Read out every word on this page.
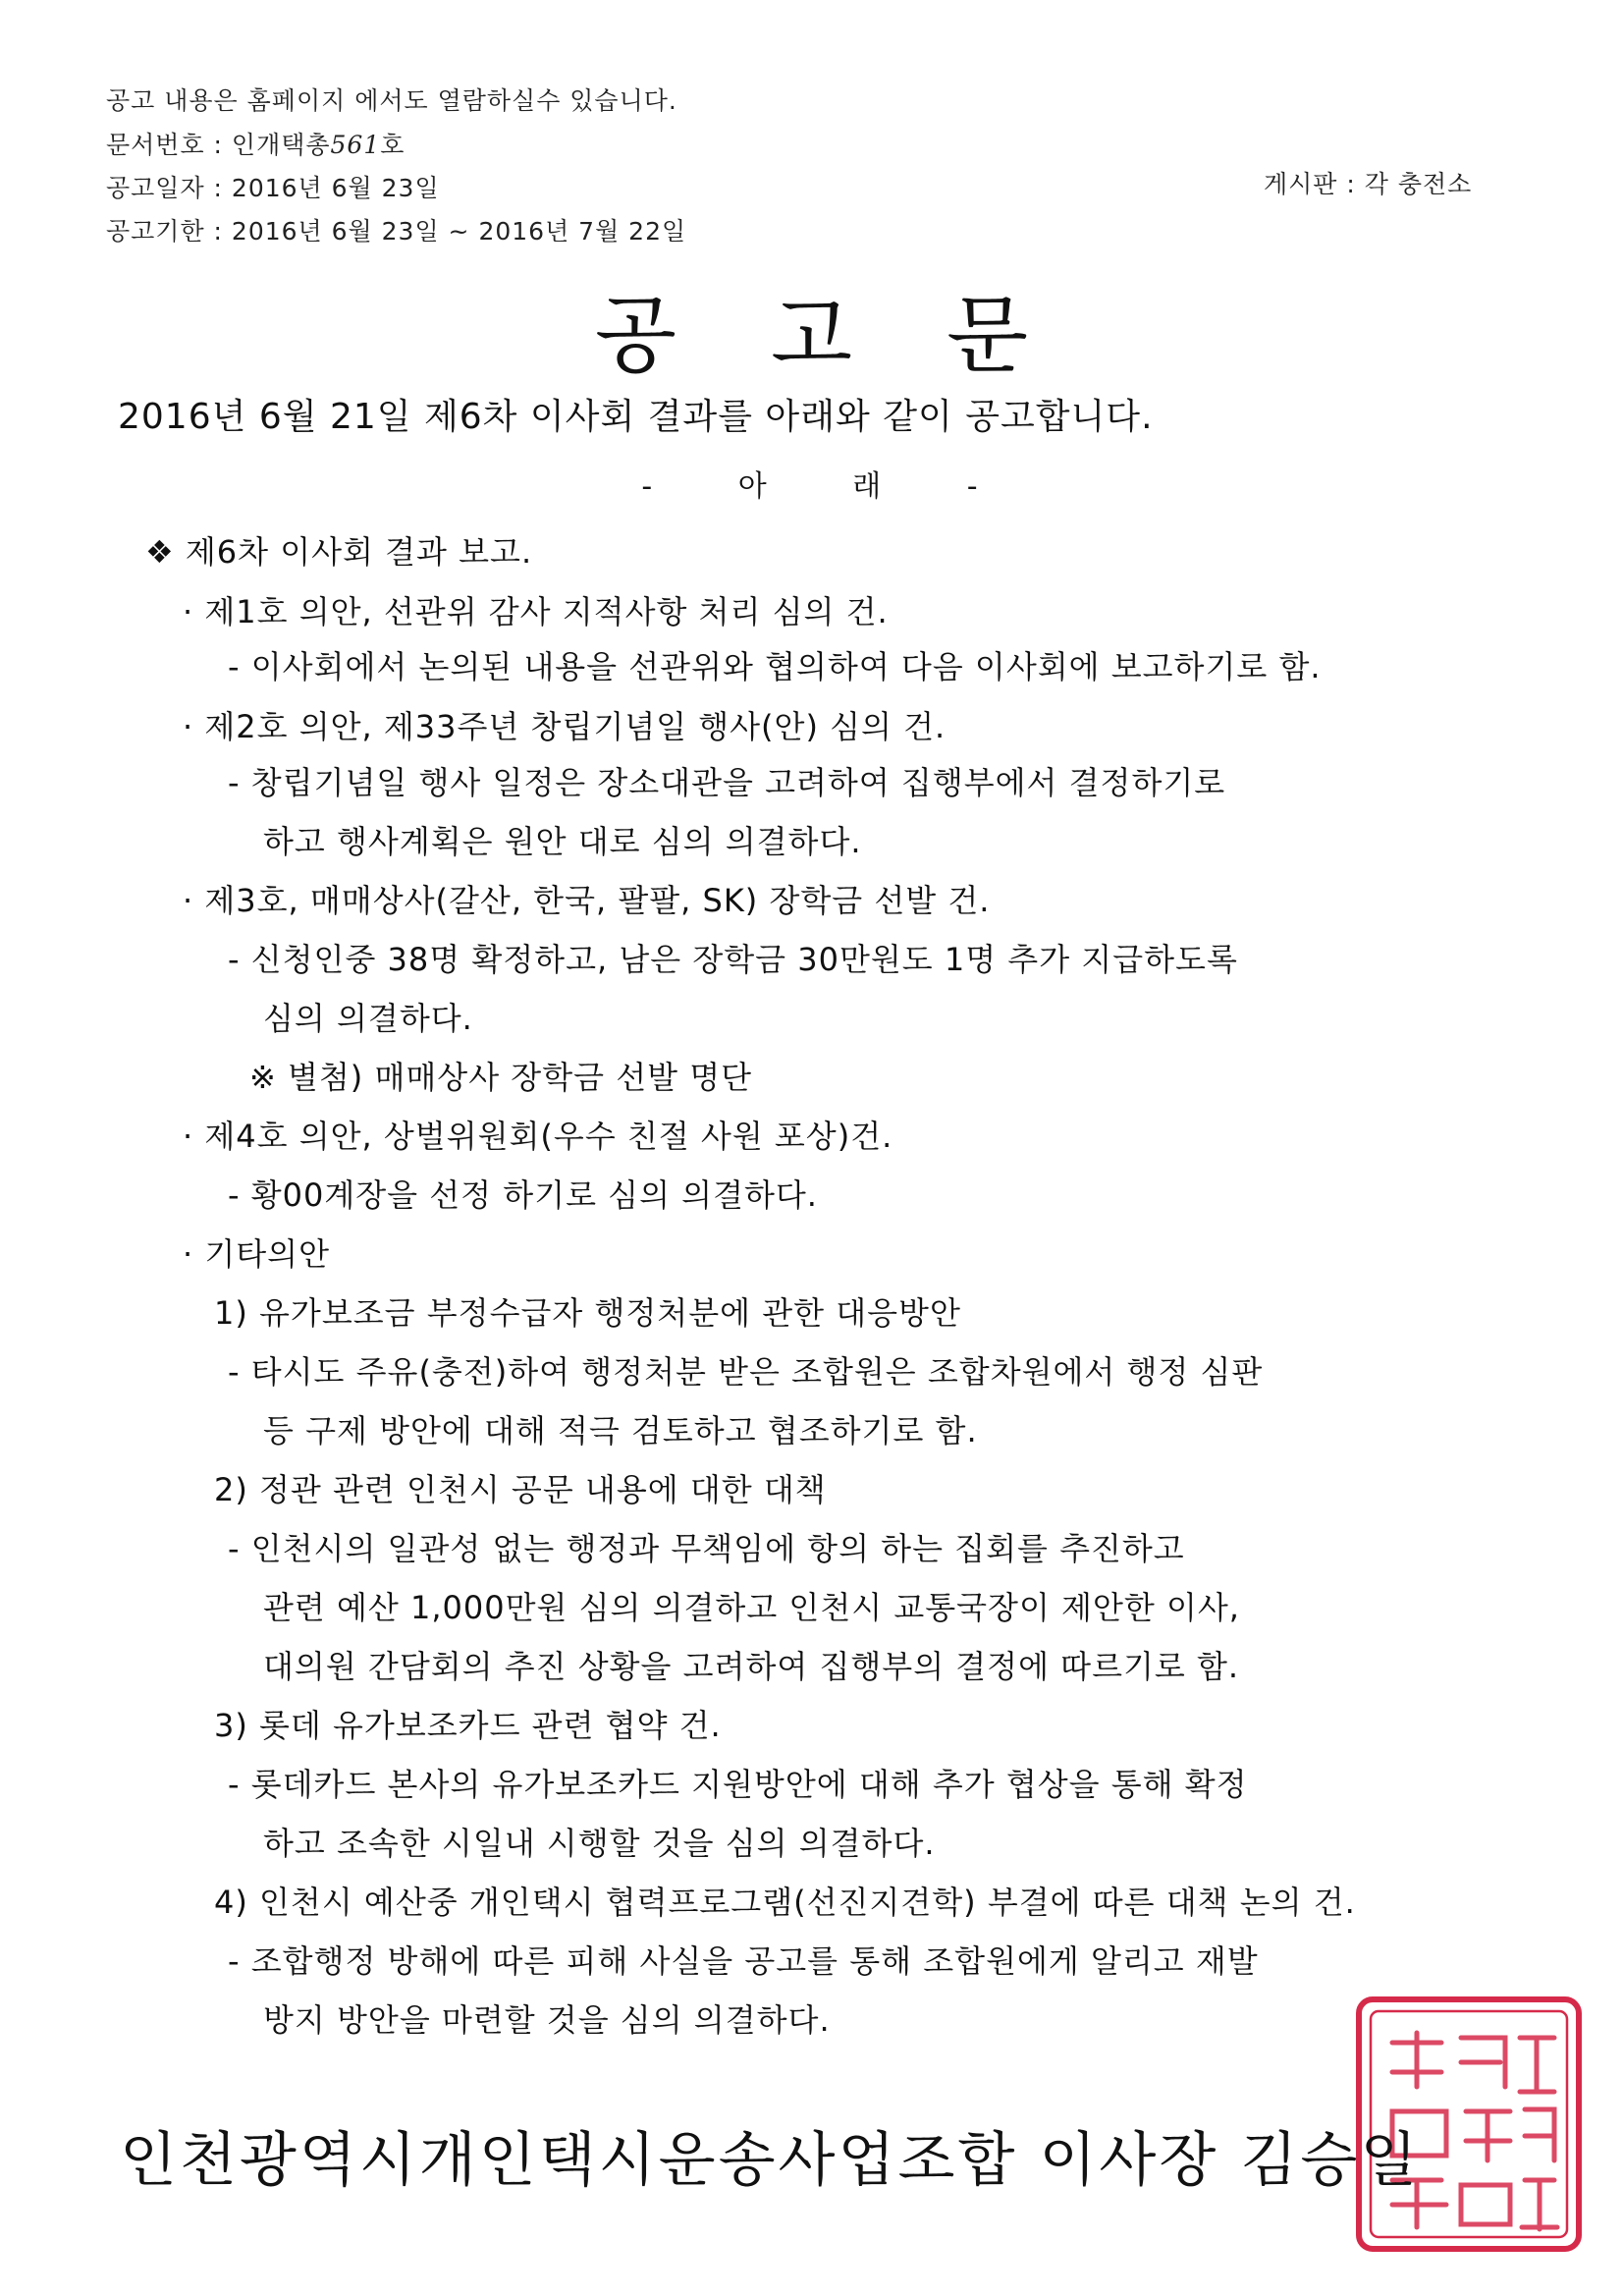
공고 내용은 홈페이지 에서도 열람하실수 있습니다.
문서번호 : 인개택총561호
공고일자 : 2016년 6월 23일
공고기한 : 2016년 6월 23일 ~ 2016년 7월 22일
게시판 : 각 충전소
공고문
2016년 6월 21일 제6차 이사회 결과를 아래와 같이 공고합니다.
- 아 래 -
❖ 제6차 이사회 결과 보고.
· 제1호 의안, 선관위 감사 지적사항 처리 심의 건.
- 이사회에서 논의된 내용을 선관위와 협의하여 다음 이사회에 보고하기로 함.
· 제2호 의안, 제33주년 창립기념일 행사(안) 심의 건.
- 창립기념일 행사 일정은 장소대관을 고려하여 집행부에서 결정하기로
하고 행사계획은 원안 대로 심의 의결하다.
· 제3호, 매매상사(갈산, 한국, 팔팔, SK) 장학금 선발 건.
- 신청인중 38명 확정하고, 남은 장학금 30만원도 1명 추가 지급하도록
심의 의결하다.
※ 별첨) 매매상사 장학금 선발 명단
· 제4호 의안, 상벌위원회(우수 친절 사원 포상)건.
- 황00계장을 선정 하기로 심의 의결하다.
· 기타의안
1) 유가보조금 부정수급자 행정처분에 관한 대응방안
- 타시도 주유(충전)하여 행정처분 받은 조합원은 조합차원에서 행정 심판
등 구제 방안에 대해 적극 검토하고 협조하기로 함.
2) 정관 관련 인천시 공문 내용에 대한 대책
- 인천시의 일관성 없는 행정과 무책임에 항의 하는 집회를 추진하고
관련 예산 1,000만원 심의 의결하고 인천시 교통국장이 제안한 이사,
대의원 간담회의 추진 상황을 고려하여 집행부의 결정에 따르기로 함.
3) 롯데 유가보조카드 관련 협약 건.
- 롯데카드 본사의 유가보조카드 지원방안에 대해 추가 협상을 통해 확정
하고 조속한 시일내 시행할 것을 심의 의결하다.
4) 인천시 예산중 개인택시 협력프로그램(선진지견학) 부결에 따른 대책 논의 건.
- 조합행정 방해에 따른 피해 사실을 공고를 통해 조합원에게 알리고 재발
방지 방안을 마련할 것을 심의 의결하다.
인천광역시개인택시운송사업조합 이사장 김승일
